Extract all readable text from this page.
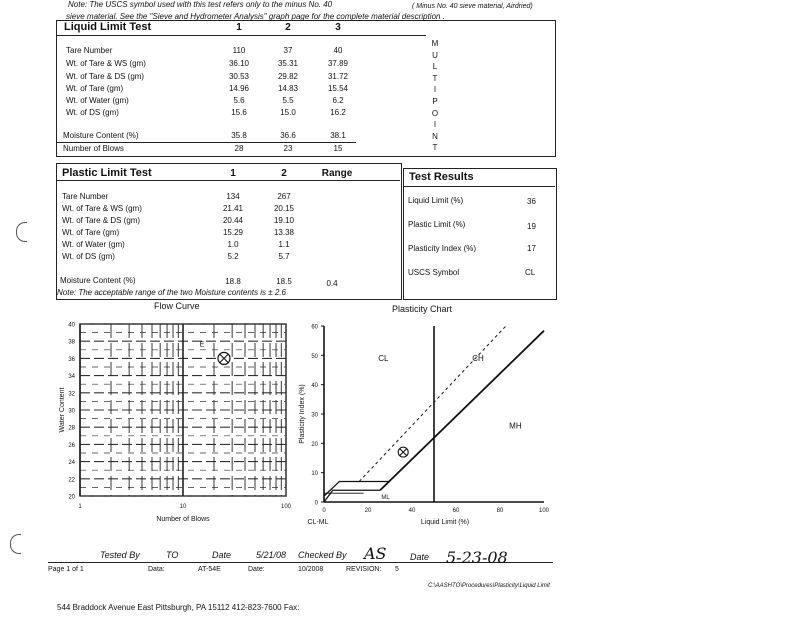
Note: The USCS symbol used with this test refers only to the minus No. 40	( Minus No. 40 sieve material, Airdried)
sieve material. See the "Sieve and Hydrometer Analysis" graph page for the complete material description .
Liquid Limit Test	1	2	3
Tare Number	110	37	40
Wt. of Tare & WS (gm)	36.10	35.31	37.89
Wt. of Tare & DS (gm)	30.53	29.82	31.72
Wt. of Tare (gm)	14.96	14.83	15.54
Wt. of Water (gm)	5.6	5.5	6.2
Wt. of DS (gm)	15.6	15.0	16.2
Moisture Content (%)	35.8	36.6	38.1
Number of Blows	28	23	15
M
U
L
T
I
P
O
I
N
T
Plastic Limit Test	1	2	Range
Tare Number	134	267
Wt. of Tare & WS (gm)	21.41	20.15
Wt. of Tare & DS (gm)	20.44	19.10
Wt. of Tare (gm)	15.29	13.38
Wt. of Water (gm)	1.0	1.1
Wt. of DS (gm)	5.2	5.7
Moisture Content (%)	18.8	18.5	0.4
Note: The acceptable range of the two Moisture contents is ± 2.6
Test Results
Liquid Limit (%)	36
Plastic Limit (%)	19
Plasticity Index (%)	17
USCS Symbol	CL
Flow Curve
40
38
36
34
32
30
28
26
24
22
20
1	10	100
Number of Blows
Water Content
E
Plasticity Chart
60
50
40
30
20
10
0
0	20	40	60	80	100
CL	CH
MH
ML
CL-ML	Liquid Limit (%)
Plasticity Index (%)
Tested By	TO	Date	5/21/08 Checked By AS	Date 5-23-08
Page 1 of 1	Data:	AT-54E	Date:	10/2008	REVISION: 5
C:\AASHTO\Procedures\Plasticity\Liquid Limit
544 Braddock Avenue East Pittsburgh, PA 15112 412-823-7600 Fax:
